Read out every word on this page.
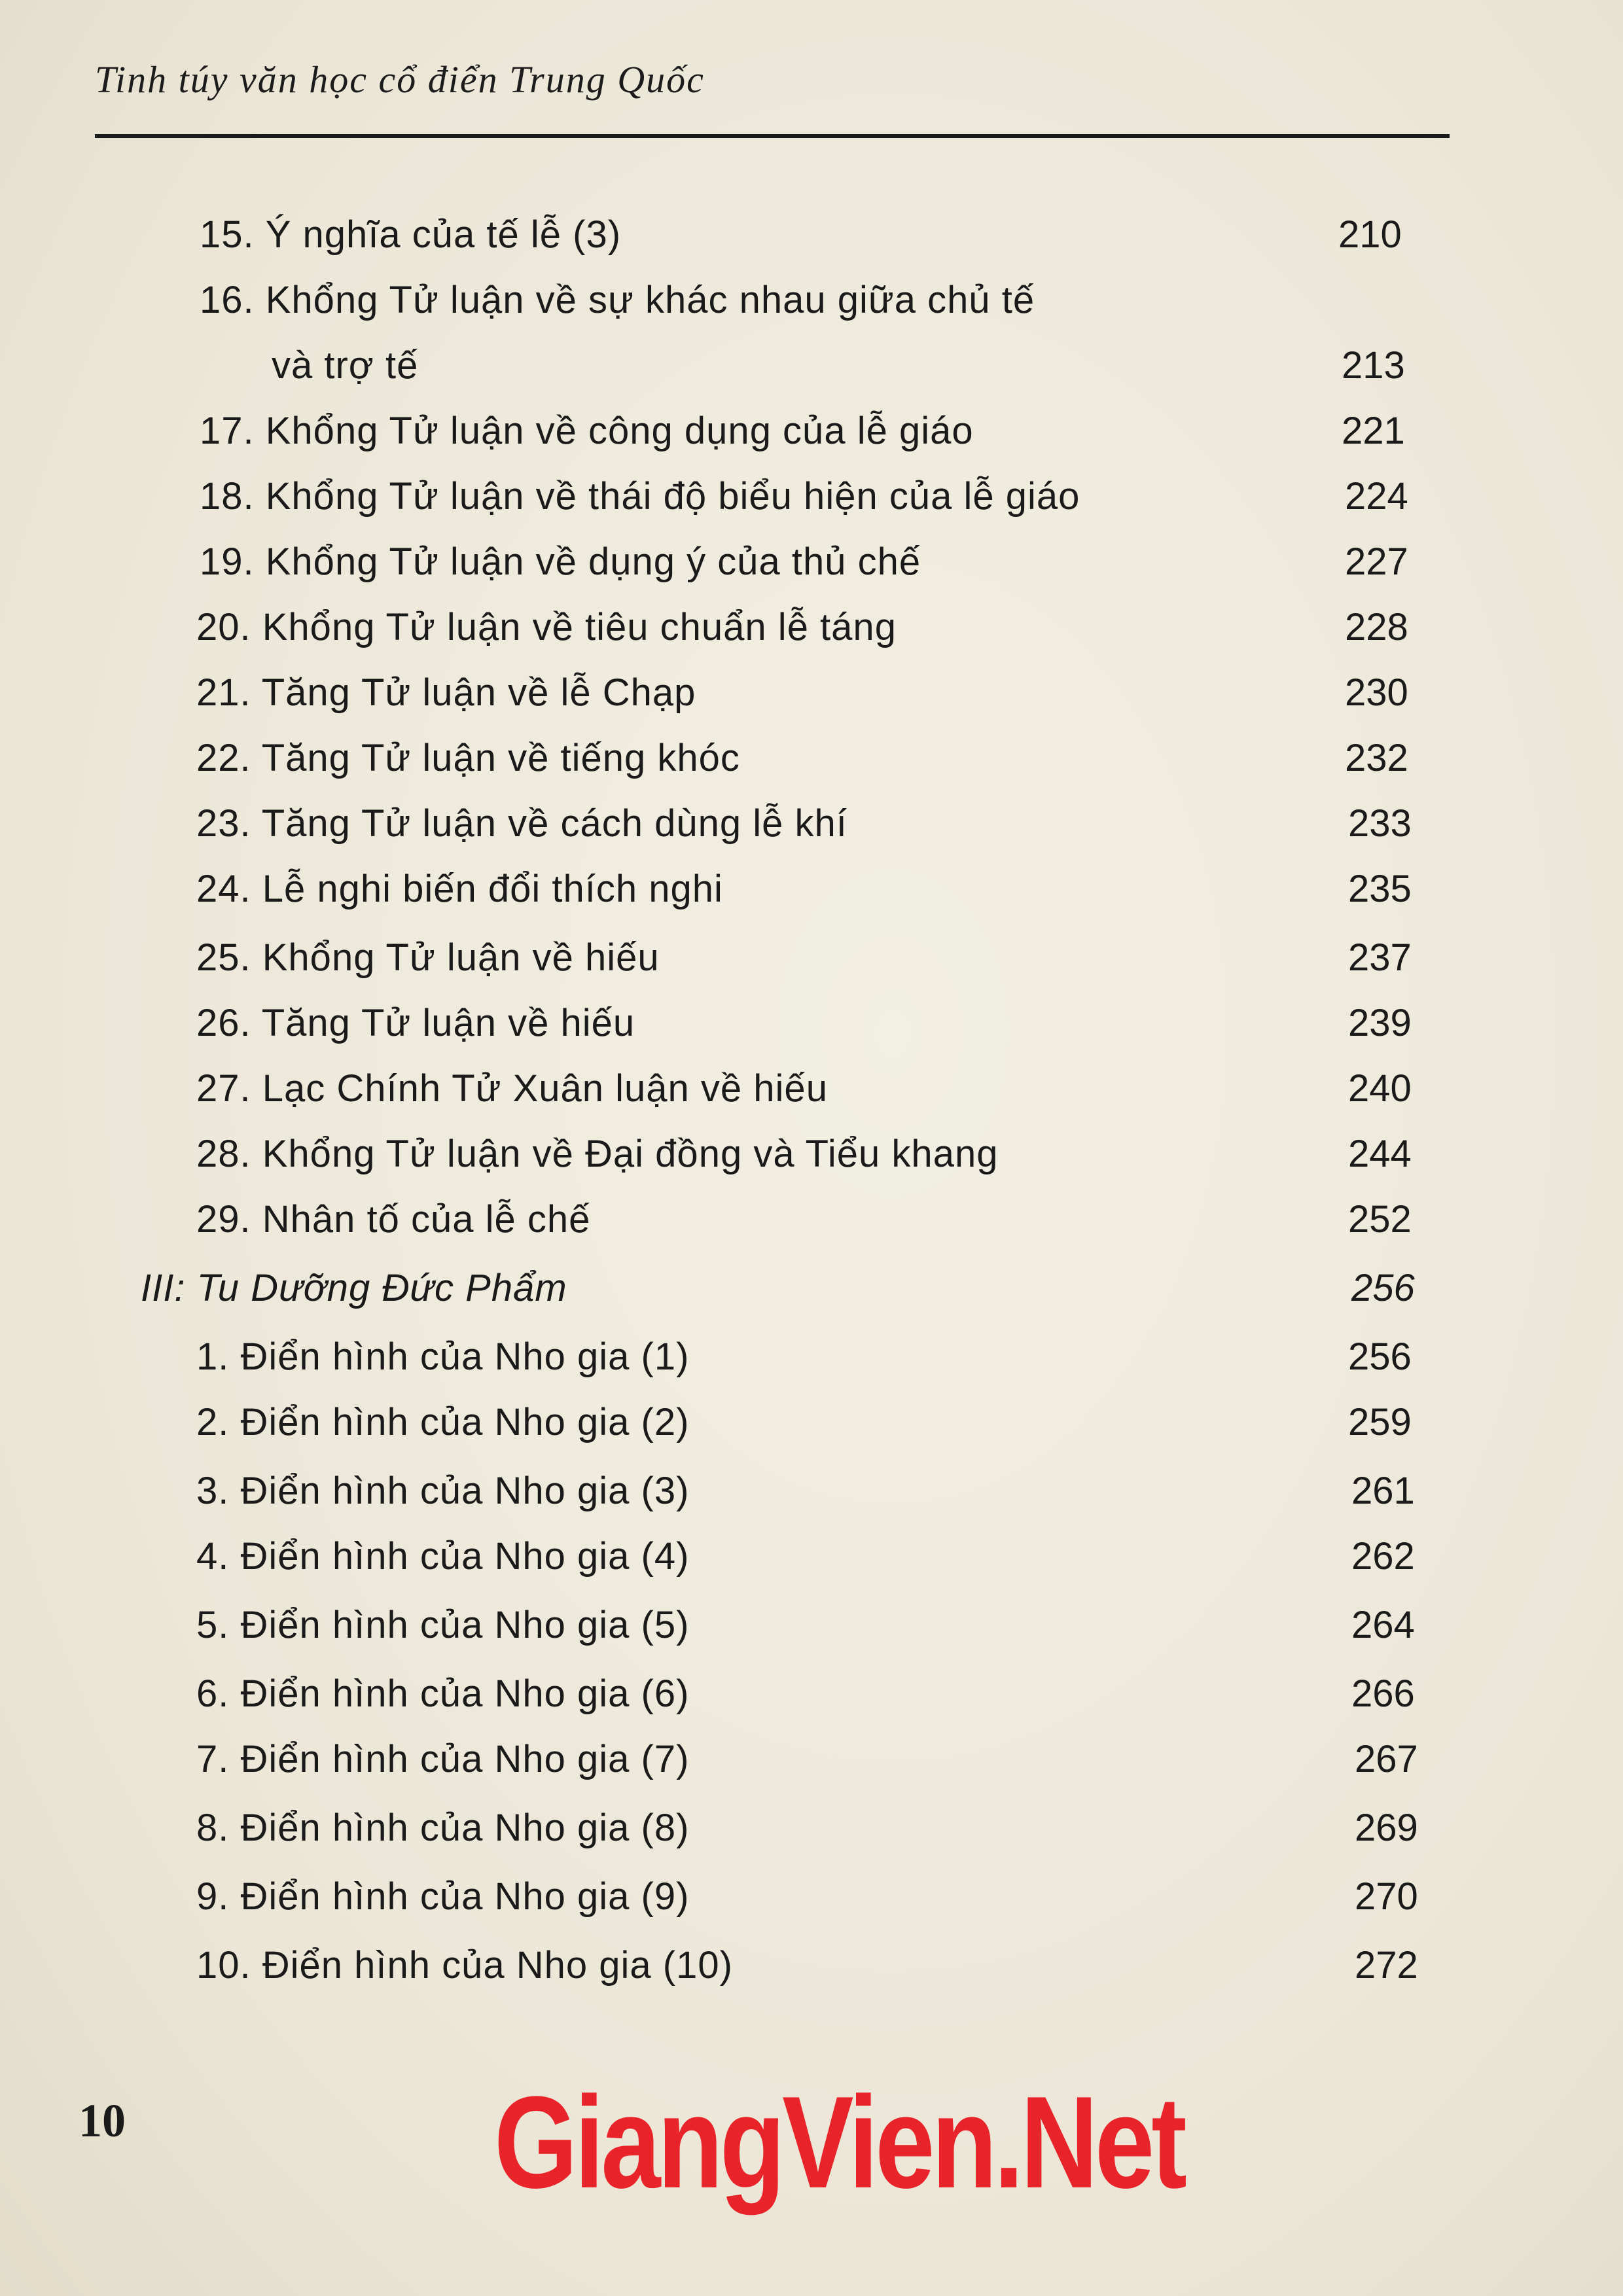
Tinh túy văn học cổ điển Trung Quốc
15. Ý nghĩa của tế lễ (3)	210
16. Khổng Tử luận về sự khác nhau giữa chủ tế
và trợ tế	213
17. Khổng Tử luận về công dụng của lễ giáo	221
18. Khổng Tử luận về thái độ biểu hiện của lễ giáo	224
19. Khổng Tử luận về dụng ý của thủ chế	227
20. Khổng Tử luận về tiêu chuẩn lễ táng	228
21. Tăng Tử luận về lễ Chạp	230
22. Tăng Tử luận về tiếng khóc	232
23. Tăng Tử luận về cách dùng lễ khí	233
24. Lễ nghi biến đổi thích nghi	235
25. Khổng Tử luận về hiếu	237
26. Tăng Tử luận về hiếu	239
27. Lạc Chính Tử Xuân luận về hiếu	240
28. Khổng Tử luận về Đại đồng và Tiểu khang	244
29. Nhân tố của lễ chế	252
III: Tu Dưỡng Đức Phẩm	256
1. Điển hình của Nho gia (1)	256
2. Điển hình của Nho gia (2)	259
3. Điển hình của Nho gia (3)	261
4. Điển hình của Nho gia (4)	262
5. Điển hình của Nho gia (5)	264
6. Điển hình của Nho gia (6)	266
7. Điển hình của Nho gia (7)	267
8. Điển hình của Nho gia (8)	269
9. Điển hình của Nho gia (9)	270
10. Điển hình của Nho gia (10)	272
10	GiangVien.Net
